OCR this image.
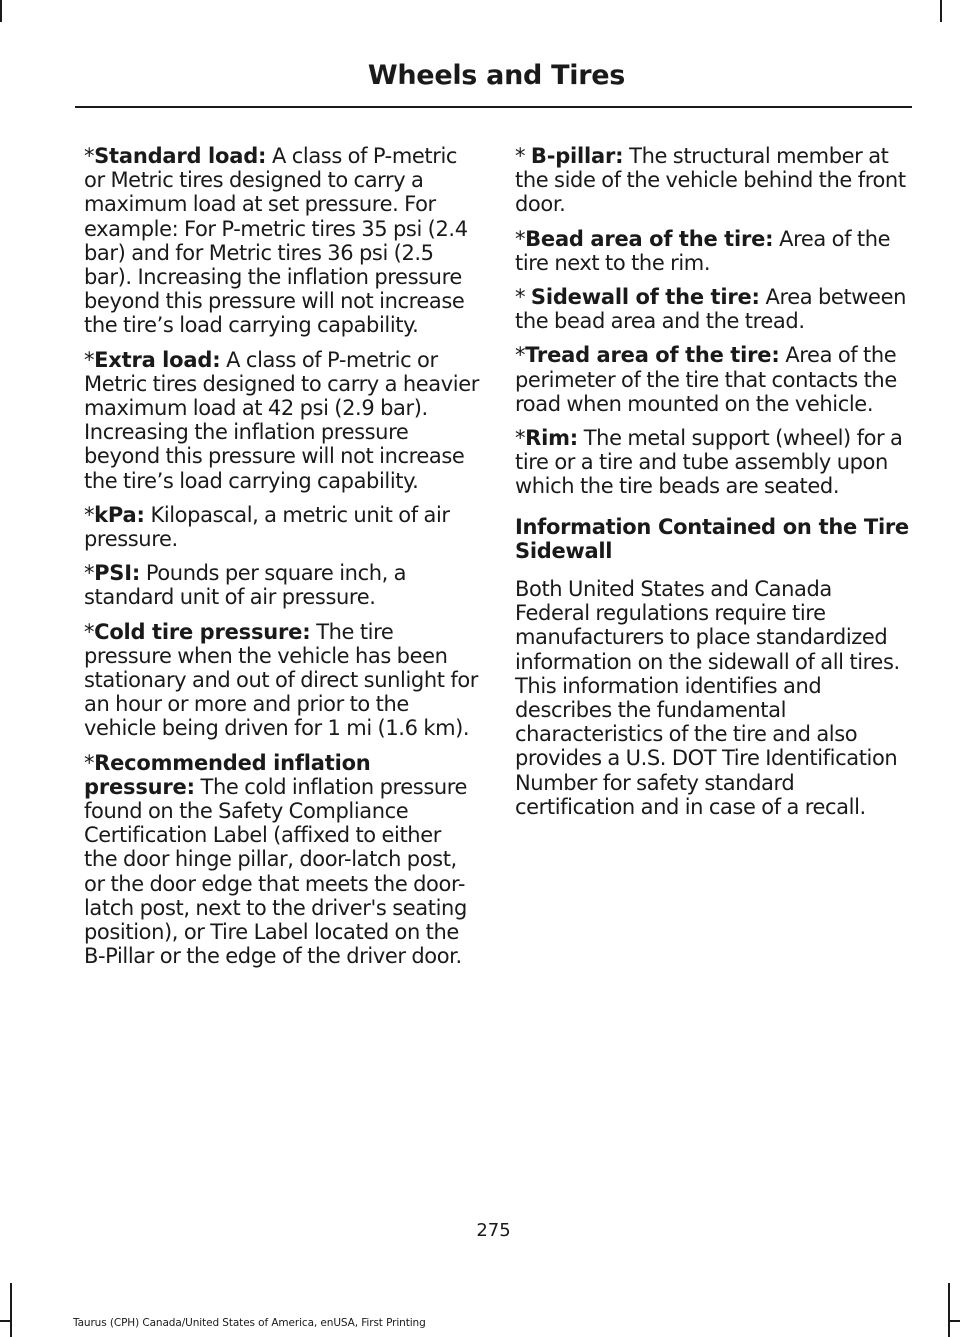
Wheels and Tires

*Standard load: A class of P-metric or Metric tires designed to carry a maximum load at set pressure. For example: For P-metric tires 35 psi (2.4 bar) and for Metric tires 36 psi (2.5 bar). Increasing the inflation pressure beyond this pressure will not increase the tire’s load carrying capability.

*Extra load: A class of P-metric or Metric tires designed to carry a heavier maximum load at 42 psi (2.9 bar). Increasing the inflation pressure beyond this pressure will not increase the tire’s load carrying capability.

*kPa: Kilopascal, a metric unit of air pressure.

*PSI: Pounds per square inch, a standard unit of air pressure.

*Cold tire pressure: The tire pressure when the vehicle has been stationary and out of direct sunlight for an hour or more and prior to the vehicle being driven for 1 mi (1.6 km).

*Recommended inflation pressure: The cold inflation pressure found on the Safety Compliance Certification Label (affixed to either the door hinge pillar, door-latch post, or the door edge that meets the door-latch post, next to the driver's seating position), or Tire Label located on the B-Pillar or the edge of the driver door.

* B-pillar: The structural member at the side of the vehicle behind the front door.

*Bead area of the tire: Area of the tire next to the rim.

* Sidewall of the tire: Area between the bead area and the tread.

*Tread area of the tire: Area of the perimeter of the tire that contacts the road when mounted on the vehicle.

*Rim: The metal support (wheel) for a tire or a tire and tube assembly upon which the tire beads are seated.

Information Contained on the Tire Sidewall

Both United States and Canada Federal regulations require tire manufacturers to place standardized information on the sidewall of all tires. This information identifies and describes the fundamental characteristics of the tire and also provides a U.S. DOT Tire Identification Number for safety standard certification and in case of a recall.

275
Taurus (CPH) Canada/United States of America, enUSA, First Printing
